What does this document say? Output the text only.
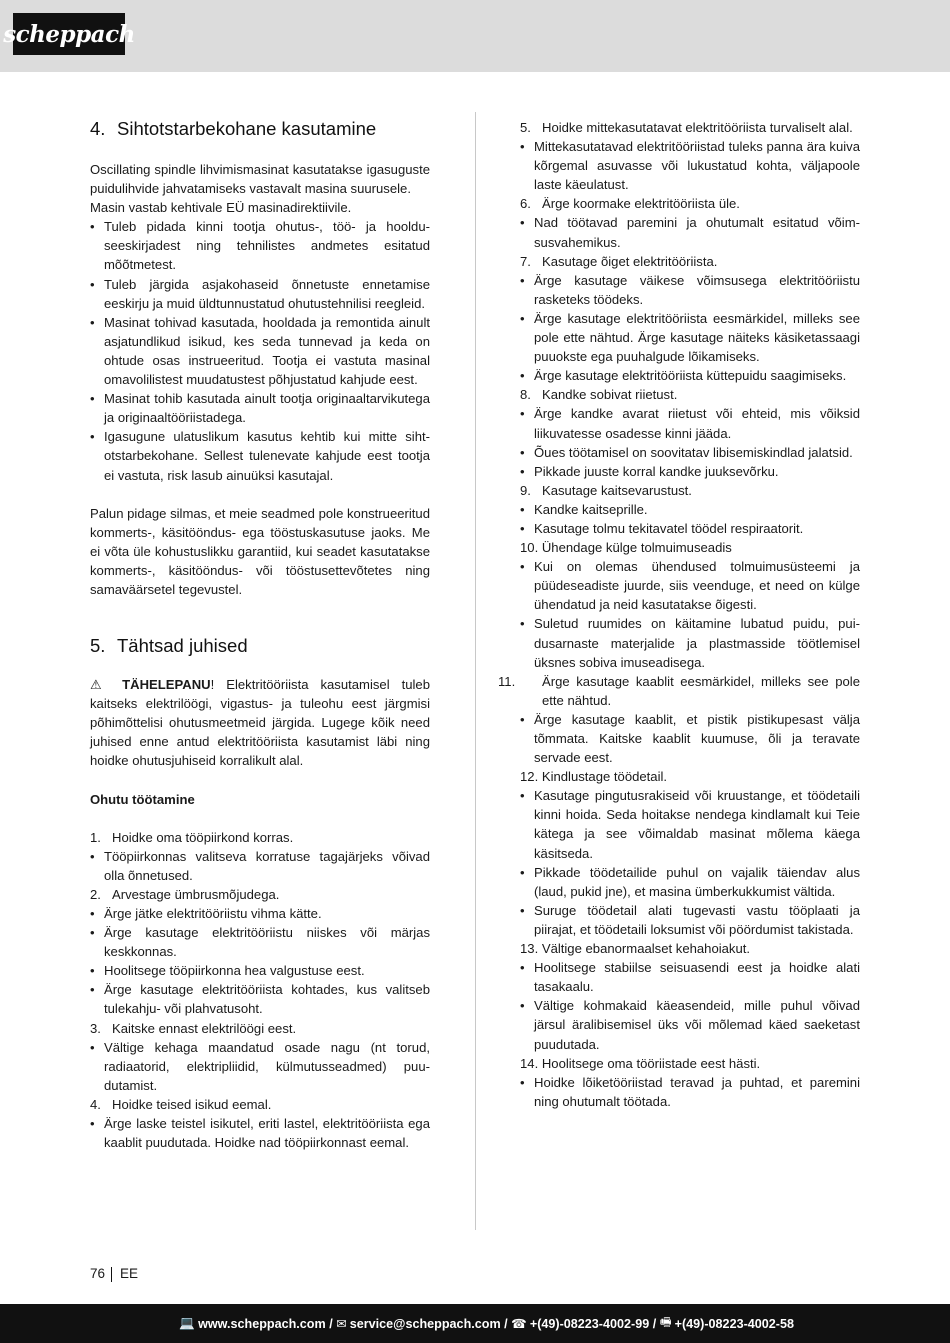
scheppach
4. Sihtotstarbekohane kasutamine

Oscillating spindle lihvimismasinat kasutatakse igasuguste puidulihvide jahvatamiseks vastavalt masina suurusele.

Masin vastab kehtivale EÜ masinadirektiivile.

• Tuleb pidada kinni tootja ohutus-, töö- ja hoolduseeskirjadest ning tehnilistes andmetes esitatud mõõtmetest.
• Tuleb järgida asjakohaseid õnnetuste ennetamise eeskirju ja muid üldtunnustatud ohutustehnilisi reegleid.
• Masinat tohivad kasutada, hooldada ja remontida ainult asjatundlikud isikud, kes seda tunnevad ja keda on ohtude osas instrueeritud. Tootja ei vastuta masinal omavolilistest muudatustest põhjustatud kahjude eest.
• Masinat tohib kasutada ainult tootja originaaltarvikutega ja originaaltööriistadega.
• Igasugune ulatuslikum kasutus kehtib kui mitte sihtotstarbekohane. Sellest tulenevate kahjude eest tootja ei vastuta, risk lasub ainuüksi kasutajal.

Palun pidage silmas, et meie seadmed pole konstrueeritud kommerts-, käsitööndus- ega tööstuskasutuse jaoks. Me ei võta üle kohustuslikku garantiid, kui seadet kasutatakse kommerts-, käsitööndus- või tööstusettevõtetes ning samaväärsetel tegevustel.

5. Tähtsad juhised

⚠ TÄHELEPANU! Elektritööriista kasutamisel tuleb kaitseks elektrilöögi, vigastus- ja tuleohu eest järgmisi põhimõttelisi ohutusmeetmeid järgida. Lugege kõik need juhised enne antud elektritööriista kasutamist läbi ning hoidke ohutusjuhiseid korralikult alal.

Ohutu töötamine

1. Hoidke oma tööpiirkond korras.
• Tööpiirkonnas valitseva korratuse tagajärjeks võivad olla õnnetused.
2. Arvestage ümbrusmõjudega.
• Ärge jätke elektritööriistu vihma kätte.
• Ärge kasutage elektritööriistu niiskes või märjas keskkonnas.
• Hoolitsege tööpiirkonna hea valgustuse eest.
• Ärge kasutage elektritööriista kohtades, kus valitseb tulekahju- või plahvatusoht.
3. Kaitske ennast elektrilöögi eest.
• Vältige kehaga maandatud osade nagu (nt torud, radiaatorid, elektripliidid, külmutusseadmed) puudutamist.
4. Hoidke teised isikud eemal.
• Ärge laske teistel isikutel, eriti lastel, elektritööriista ega kaablit puudutada. Hoidke nad tööpiirkonnast eemal.
5. Hoidke mittekasutatavat elektritööriista turvaliselt alal.
• Mittekasutatavad elektritööriistad tuleks panna ära kuiva kõrgemal asuvasse või lukustatud kohta, väljapoole laste käeulatust.
6. Ärge koormake elektritööriista üle.
• Nad töötavad paremini ja ohutumalt esitatud võimsusvahemikus.
7. Kasutage õiget elektritööriista.
• Ärge kasutage väikese võimsusega elektritööriistu rasketeks töödeks.
• Ärge kasutage elektritööriista eesmärkidel, milleks see pole ette nähtud. Ärge kasutage näiteks käsiketassaagi puuokste ega puuhalgude lõikamiseks.
• Ärge kasutage elektritööriista küttepuidu saagimiseks.
8. Kandke sobivat riietust.
• Ärge kandke avarat riietust või ehteid, mis võiksid liikuvatesse osadesse kinni jääda.
• Õues töötamisel on soovitatav libisemiskindlad jalatsid.
• Pikkade juuste korral kandke juuksevõrku.
9. Kasutage kaitsevarustust.
• Kandke kaitseprille.
• Kasutage tolmu tekitavatel töödel respiraatorit.
10. Ühendage külge tolmuimuseadis
• Kui on olemas ühendused tolmuimusüsteemi ja püüdeseadiste juurde, siis veenduge, et need on külge ühendatud ja neid kasutatakse õigesti.
• Suletud ruumides on käitamine lubatud puidu, puidusarnaste materjalide ja plastmasside töötlemisel üksnes sobiva imuseadisega.
11. Ärge kasutage kaablit eesmärkidel, milleks see pole ette nähtud.
• Ärge kasutage kaablit, et pistik pistikupesast välja tõmmata. Kaitske kaablit kuumuse, õli ja teravate servade eest.
12. Kindlustage töödetail.
• Kasutage pingutusrakiseid või kruustange, et töödetaili kinni hoida. Seda hoitakse nendega kindlamalt kui Teie kätega ja see võimaldab masinat mõlema käega käsitseda.
• Pikkade töödetailide puhul on vajalik täiendav alus (laud, pukid jne), et masina ümberkukkumist vältida.
• Suruge töödetail alati tugevasti vastu tööplaati ja piirajat, et töödetaili loksumist või pöördumist takistada.
13. Vältige ebanormaalset kehahoiakut.
• Hoolitsege stabiilse seisuasendi eest ja hoidke alati tasakaalu.
• Vältige kohmakaid käeasendeid, mille puhul võivad järsul äralibisemisel üks või mõlemad käed saeketast puudutada.
14. Hoolitsege oma tööriistade eest hästi.
• Hoidke lõiketööriistad teravad ja puhtad, et paremini ning ohutumalt töötada.
76 EE
💻 www.scheppach.com /
✉ service@scheppach.com /
☎ +(49)-08223-4002-99 /
🖷 +(49)-08223-4002-58
